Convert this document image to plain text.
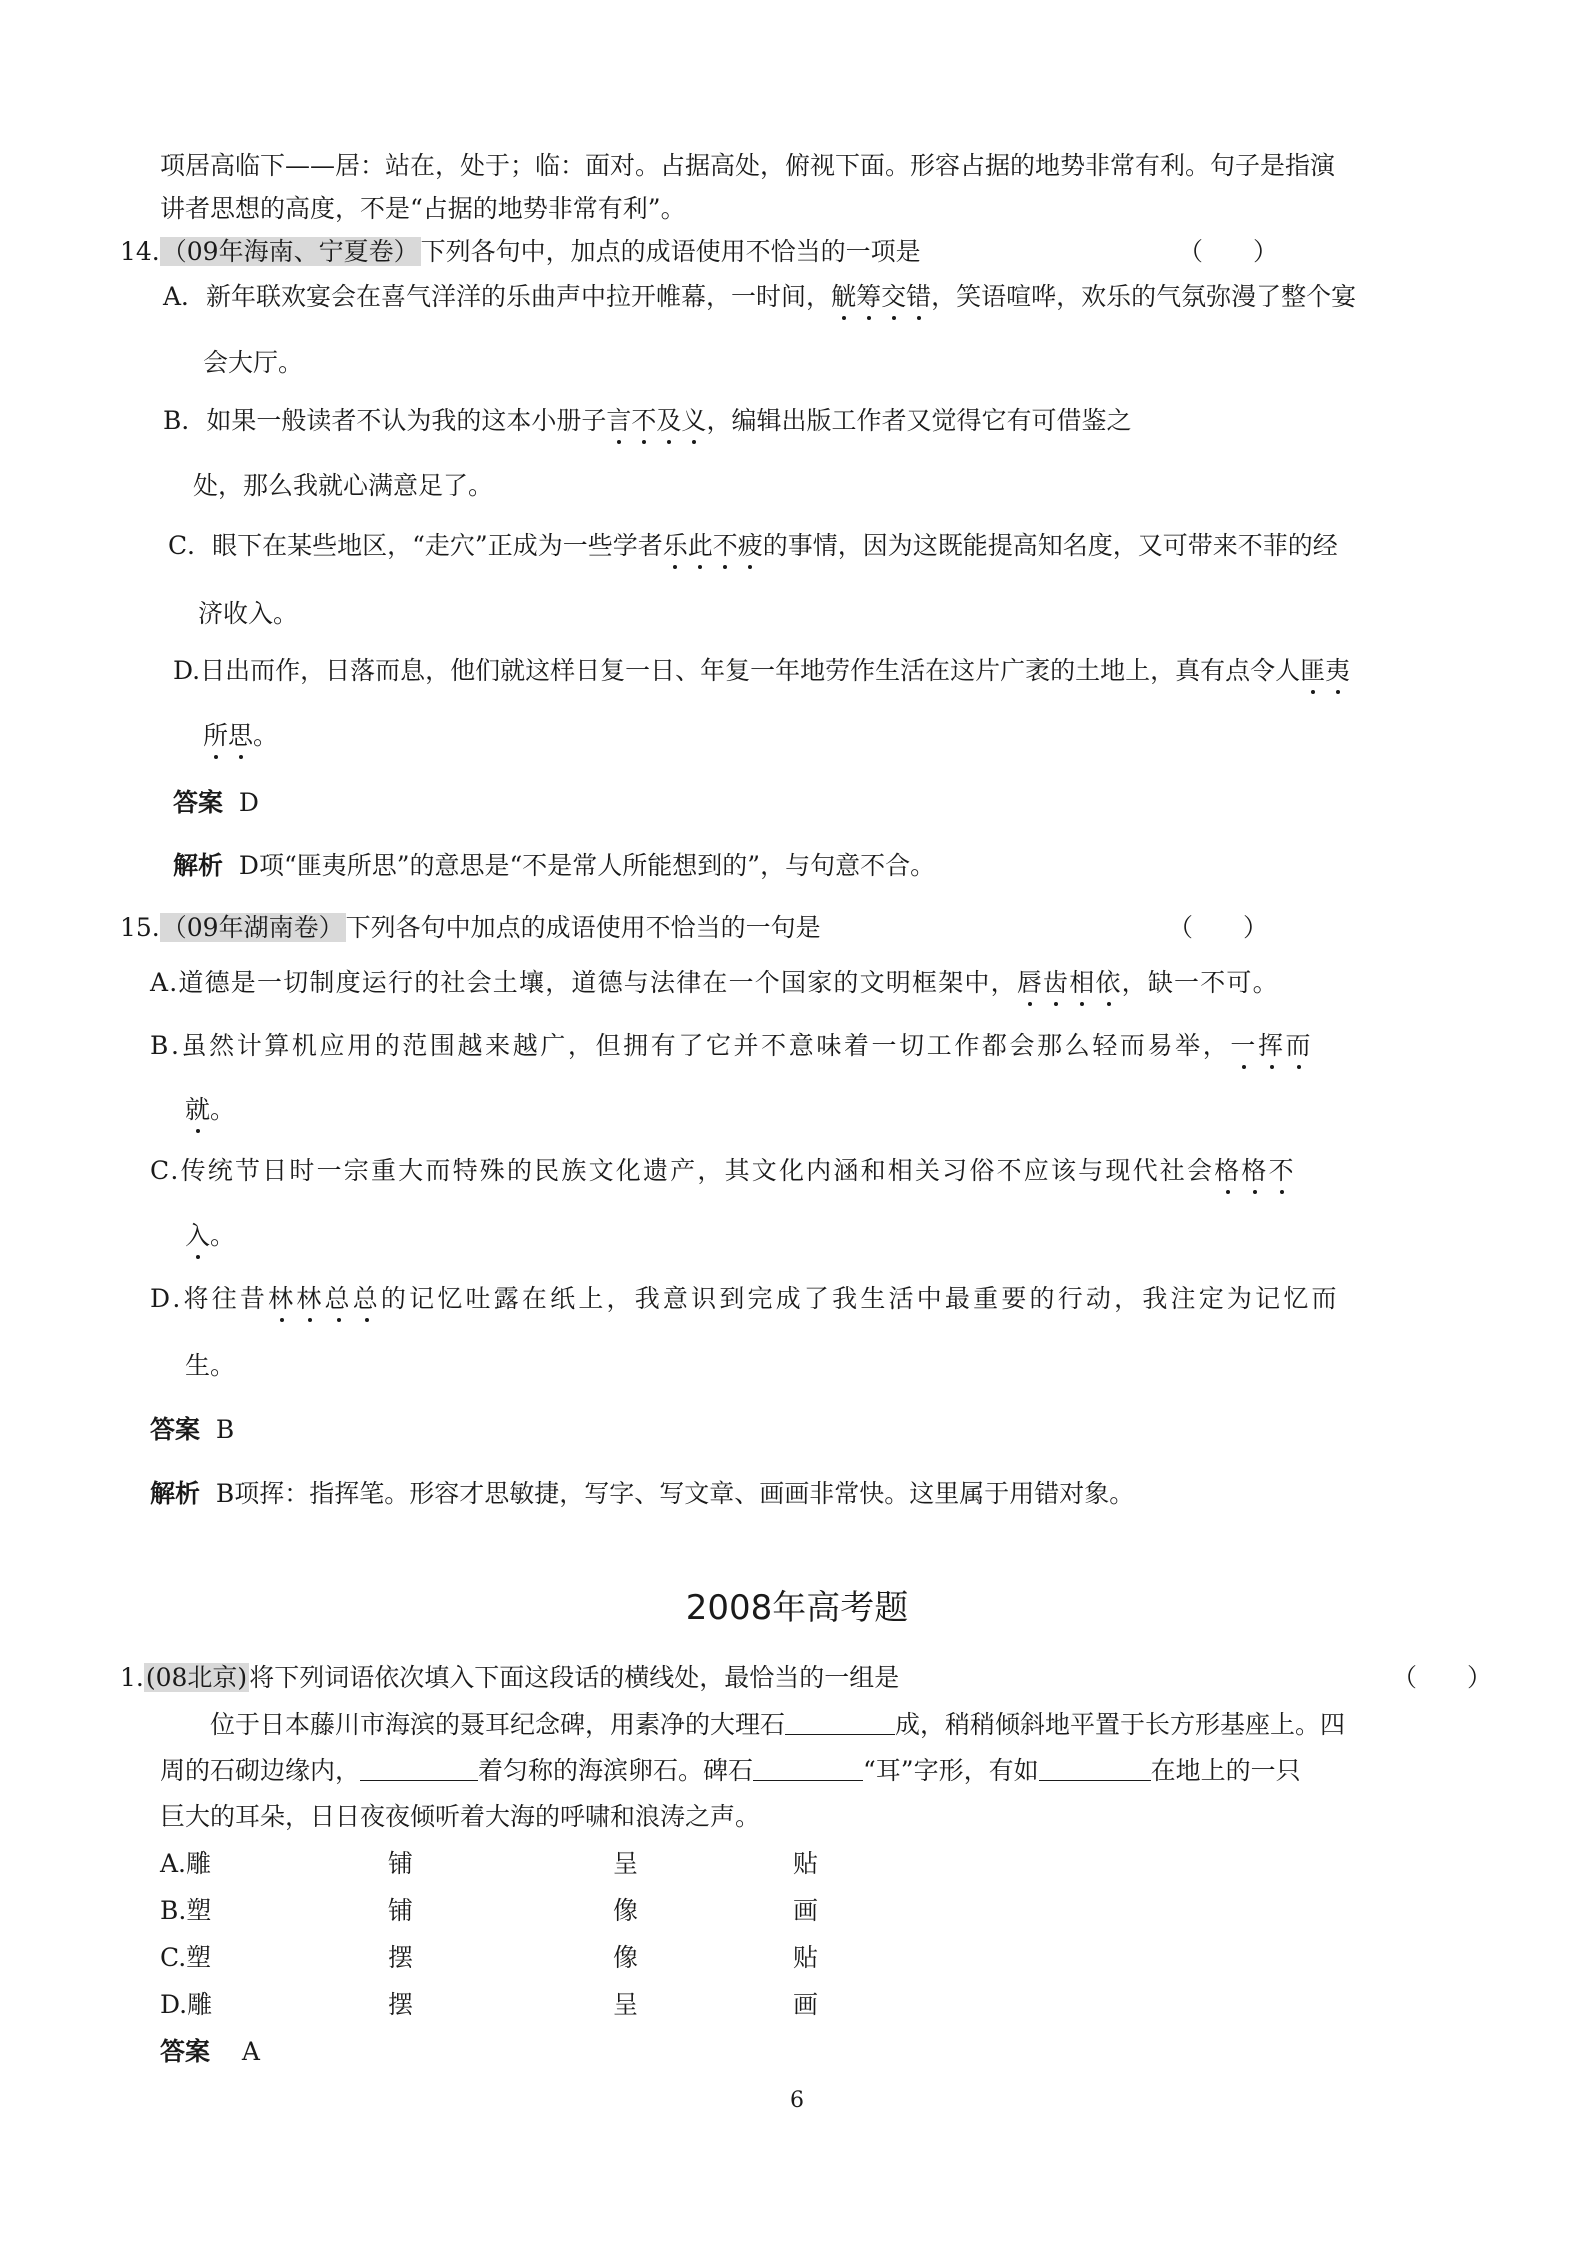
项居高临下——居：站在，处于；临：面对。占据高处，俯视下面。形容占据的地势非常有利。句子是指演
讲者思想的高度，不是“占据的地势非常有利”。
14.（09年海南、宁夏卷）下列各句中，加点的成语使用不恰当的一项是	（　　）
A．新年联欢宴会在喜气洋洋的乐曲声中拉开帷幕，一时间，觥筹交错，笑语喧哗，欢乐的气氛弥漫了整个宴
会大厅。
B．如果一般读者不认为我的这本小册子言不及义，编辑出版工作者又觉得它有可借鉴之
处，那么我就心满意足了。
C．眼下在某些地区，“走穴”正成为一些学者乐此不疲的事情，因为这既能提高知名度，又可带来不菲的经
济收入。
D.日出而作，日落而息，他们就这样日复一日、年复一年地劳作生活在这片广袤的土地上，真有点令人匪夷
所思。
答案 D
解析 D项“匪夷所思”的意思是“不是常人所能想到的”，与句意不合。
15.（09年湖南卷）下列各句中加点的成语使用不恰当的一句是	（　　）
A.道德是一切制度运行的社会土壤，道德与法律在一个国家的文明框架中，唇齿相依，缺一不可。
B.虽然计算机应用的范围越来越广，但拥有了它并不意味着一切工作都会那么轻而易举，一挥而
就。
C.传统节日时一宗重大而特殊的民族文化遗产，其文化内涵和相关习俗不应该与现代社会格格不
入。
D.将往昔林林总总的记忆吐露在纸上，我意识到完成了我生活中最重要的行动，我注定为记忆而
生。
答案 B
解析 B项挥：指挥笔。形容才思敏捷，写字、写文章、画画非常快。这里属于用错对象。
2008年高考题
1.(08北京)将下列词语依次填入下面这段话的横线处，最恰当的一组是	（　　）
位于日本藤川市海滨的聂耳纪念碑，用素净的大理石	成，稍稍倾斜地平置于长方形基座上。四
周的石砌边缘内，	着匀称的海滨卵石。碑石	“耳”字形，有如	在地上的一只
巨大的耳朵，日日夜夜倾听着大海的呼啸和浪涛之声。
A.雕	铺	呈	贴
B.塑	铺	像	画
C.塑	摆	像	贴
D.雕	摆	呈	画
答案 A
6
